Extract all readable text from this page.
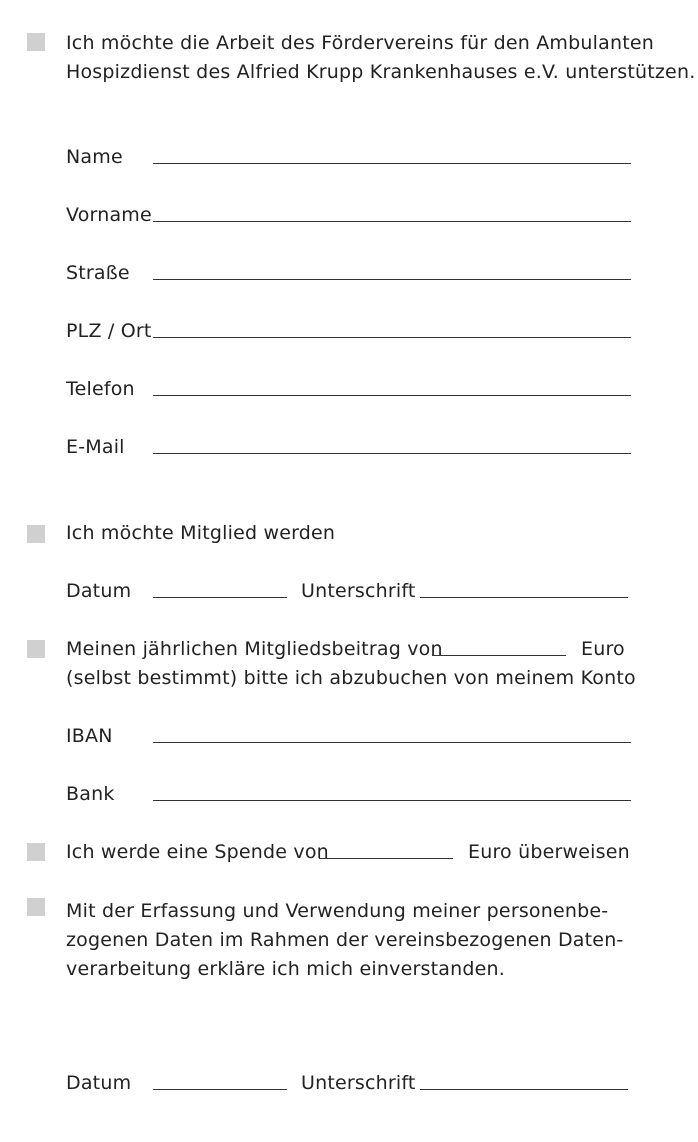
Ich möchte die Arbeit des Fördervereins für den Ambulanten
Hospizdienst des Alfried Krupp Krankenhauses e.V. unterstützen.
Name
Vorname
Straße
PLZ / Ort
Telefon
E-Mail
Ich möchte Mitglied werden
Datum	Unterschrift
Meinen jährlichen Mitgliedsbeitrag von	Euro
(selbst bestimmt) bitte ich abzubuchen von meinem Konto
IBAN
Bank
Ich werde eine Spende von	Euro überweisen
Mit der Erfassung und Verwendung meiner personenbe-
zogenen Daten im Rahmen der vereinsbezogenen Daten-
verarbeitung erkläre ich mich einverstanden.
Datum	Unterschrift
